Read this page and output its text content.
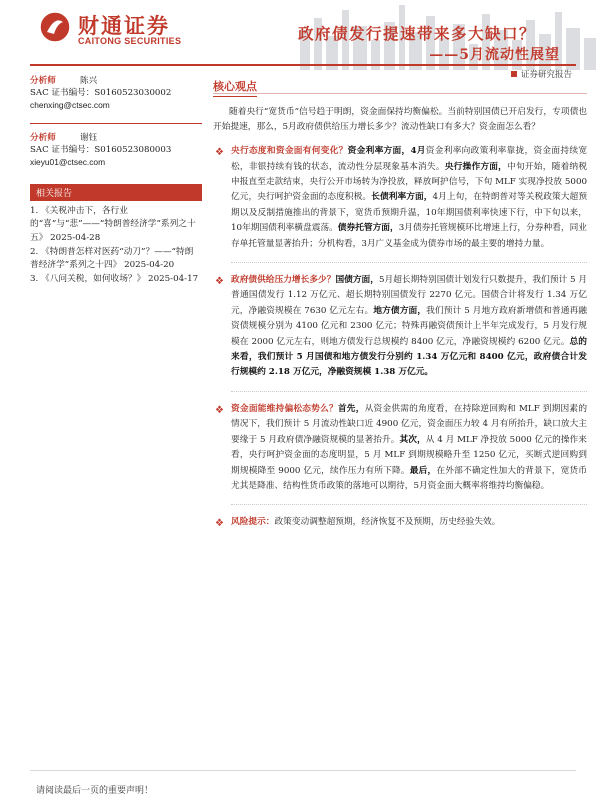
财通证券
CAITONG SECURITIES	政府债发行提速带来多大缺口？
——5月流动性展望
证券研究报告
分析师	陈兴
SAC 证书编号：S0160523030002
chenxing@ctsec.com
分析师	谢钰
SAC 证书编号：S0160523080003
xieyu01@ctsec.com
相关报告
1. 《关税冲击下，各行业的“喜”与“悲”——“特朗普经济学”系列之十五》 2025-04-28
2. 《特朗普怎样对医药“动刀”？——“特朗普经济学”系列之十四》 2025-04-20
3. 《八问关税，如何收场？》 2025-04-17
核心观点

随着央行“宽货币”信号趋于明朗，资金面保持均衡偏松。当前特别国债已开启发行，专项债也开始提速，那么，5月政府债供给压力增长多少？流动性缺口有多大？资金面怎么看？

❖ 央行态度和资金面有何变化？资金利率方面，4月资金利率向政策利率靠拢，资金面持续宽松，非银持续有钱的状态，流动性分层现象基本消失。央行操作方面，中旬开始，随着纳税申报直至走款结束，央行公开市场转为净投放，释放呵护信号，下旬 MLF 实现净投放 5000 亿元，央行呵护资金面的态度积极。长债利率方面，4月上旬，在特朗普对等关税政策大超预期以及反制措施推出的背景下，宽货币预期升温，10年期国债利率快速下行，中下旬以来，10年期国债利率横盘震荡。债券托管方面，3月债券托管规模环比增速上行，分券种看，同业存单托管量显著抬升；分机构看，3月广义基金成为债券市场的最主要的增持力量。
❖ 政府债供给压力增长多少？国债方面，5月超长期特别国债计划发行只数提升，我们预计 5 月普通国债发行 1.12 万亿元、超长期特别国债发行 2270 亿元。国债合计将发行 1.34 万亿元，净融资规模在 7630 亿元左右。地方债方面，我们预计 5 月地方政府新增债和普通再融资债规模分别为 4100 亿元和 2300 亿元；特殊再融资债预计上半年完成发行，5 月发行规模在 2000 亿元左右，则地方债发行总规模约 8400 亿元，净融资规模约 6200 亿元。总的来看，我们预计 5 月国债和地方债发行分别约 1.34 万亿元和 8400 亿元，政府债合计发行规模约 2.18 万亿元，净融资规模 1.38 万亿元。
❖ 资金面能维持偏松态势么？首先，从资金供需的角度看，在持除逆回购和 MLF 到期因素的情况下，我们预计 5 月流动性缺口近 4900 亿元，资金面压力较 4 月有所抬升，缺口放大主要缘于 5 月政府债净融资规模的显著抬升。其次，从 4 月 MLF 净投放 5000 亿元的操作来看，央行呵护资金面的态度明显，5 月 MLF 到期规模略升至 1250 亿元，买断式逆回购到期规模降至 9000 亿元，续作压力有所下降。最后，在外部不确定性加大的背景下，宽货币尤其是降准、结构性货币政策的落地可以期待，5月资金面大概率将维持均衡偏稳。
❖ 风险提示：政策变动调整超预期，经济恢复不及预期，历史经验失效。
请阅读最后一页的重要声明！
